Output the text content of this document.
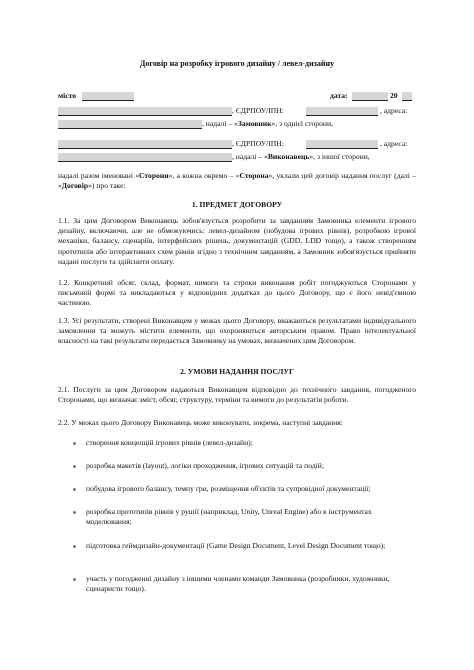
Договір на розробку ігрового дизайну / левел-дизайну
місто	дата:	20
, ЄДРПОУ/ІПН:	, адреса:
, надалі – «Замовник», з однієї сторони,
, ЄДРПОУ/ІПН:	, адреса:
, надалі – «Виконавець», з іншої сторони,
надалі разом іменовані «Сторони», а кожна окремо – «Сторона», уклали цей договір надання послуг (далі – «Договір») про таке:
1. ПРЕДМЕТ ДОГОВОРУ
1.1. За цим Договором Виконавець зобов'язується розробити за завданням Замовника елементи ігрового дизайну, включаючи, але не обмежуючись: левел-дизайном (побудова ігрових рівнів), розробкою ігрової механіки, балансу, сценаріїв, інтерфейсних рішень, документацій (GDD, LDD тощо), а також створенням прототипів або інтерактивних схем рівнів згідно з технічним завданням, а Замовник зобов'язується прийняти надані послуги та здійснити оплату.
1.2. Конкретний обсяг, склад, формат, вимоги та строки виконання робіт погоджуються Сторонами у письмовій формі та викладаються у відповідних додатках до цього Договору, що є його невід'ємною частиною.
1.3. Усі результати, створені Виконавцем у межах цього Договору, вважаються результатами індивідуального замовлення та можуть містити елементи, що охороняються авторським правом. Право інтелектуальної власності на такі результати передається Замовнику на умовах, визначених цим Договором.
2. УМОВИ НАДАННЯ ПОСЛУГ
2.1. Послуги за цим Договором надаються Виконавцем відповідно до технічного завдання, погодженого Сторонами, що визначає зміст, обсяг, структуру, терміни та вимоги до результатів роботи.
2.2. У межах цього Договору Виконавець може виконувати, зокрема, наступні завдання:
створення концепцій ігрових рівнів (левел-дизайн);
розробка макетів (layout), логіки проходження, ігрових ситуацій та подій;
побудова ігрового балансу, темпу гри, розміщення об'єктів та супровідної документації;
розробка прототипів рівнів у рушії (наприклад, Unity, Unreal Engine) або в інструментах моделювання;
підготовка геймдизайн-документації (Game Design Document, Level Design Document тощо);
участь у погодженні дизайну з іншими членами команди Замовника (розробники, художники, сценаристи тощо).
